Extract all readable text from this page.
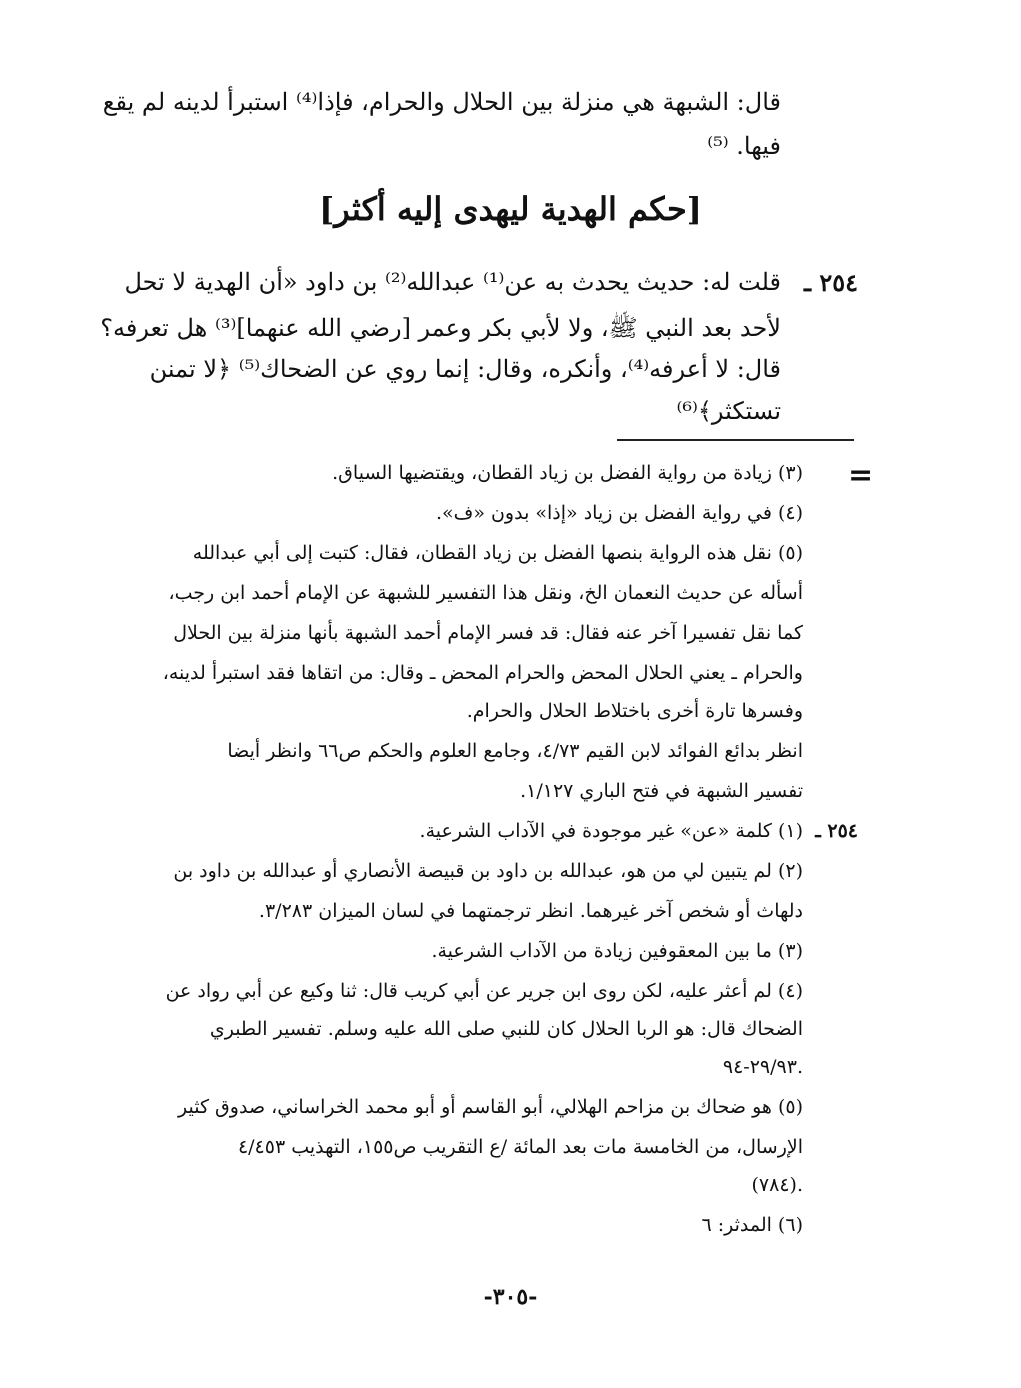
قال: الشبهة هي منزلة بين الحلال والحرام، فإذا⁽⁴⁾ استبرأ لدينه لم يقع
فيها. ⁽⁵⁾
[حكم الهدية ليهدى إليه أكثر]
٢٥٤ ـ
قلت له: حديث يحدث به عن⁽¹⁾ عبدالله⁽²⁾ بن داود «أن الهدية لا تحل
لأحد بعد النبي ﷺ، ولا لأبي بكر وعمر [رضي الله عنهما]⁽³⁾ هل تعرفه؟
قال: لا أعرفه⁽⁴⁾، وأنكره، وقال: إنما روي عن الضحاك⁽⁵⁾ ﴿لا تمنن
تستكثر﴾⁽⁶⁾
=
(٣) زيادة من رواية الفضل بن زياد القطان، ويقتضيها السياق.
(٤) في رواية الفضل بن زياد «إذا» بدون «ف».
(٥) نقل هذه الرواية بنصها الفضل بن زياد القطان، فقال: كتبت إلى أبي عبدالله
أسأله عن حديث النعمان الخ، ونقل هذا التفسير للشبهة عن الإمام أحمد ابن رجب،
كما نقل تفسيرا آخر عنه فقال: قد فسر الإمام أحمد الشبهة بأنها منزلة بين الحلال
والحرام ـ يعني الحلال المحض والحرام المحض ـ وقال: من اتقاها فقد استبرأ لدينه،
وفسرها تارة أخرى باختلاط الحلال والحرام.
انظر بدائع الفوائد لابن القيم ٤/٧٣، وجامع العلوم والحكم ص٦٦ وانظر أيضا
تفسير الشبهة في فتح الباري ١/١٢٧.
٢٥٤ ـ
(١) كلمة «عن» غير موجودة في الآداب الشرعية.
(٢) لم يتبين لي من هو، عبدالله بن داود بن قبيصة الأنصاري أو عبدالله بن داود بن
دلهاث أو شخص آخر غيرهما. انظر ترجمتهما في لسان الميزان ٣/٢٨٣.
(٣) ما بين المعقوفين زيادة من الآداب الشرعية.
(٤) لم أعثر عليه، لكن روى ابن جرير عن أبي كريب قال: ثنا وكيع عن أبي رواد عن
الضحاك قال: هو الربا الحلال كان للنبي صلى الله عليه وسلم. تفسير الطبري
٢٩/٩٣-٩٤.
(٥) هو ضحاك بن مزاحم الهلالي، أبو القاسم أو أبو محمد الخراساني، صدوق كثير
الإرسال، من الخامسة مات بعد المائة /ع التقريب ص١٥٥، التهذيب ٤/٤٥٣
(٧٨٤).
(٦) المدثر: ٦
-٣٠٥-
